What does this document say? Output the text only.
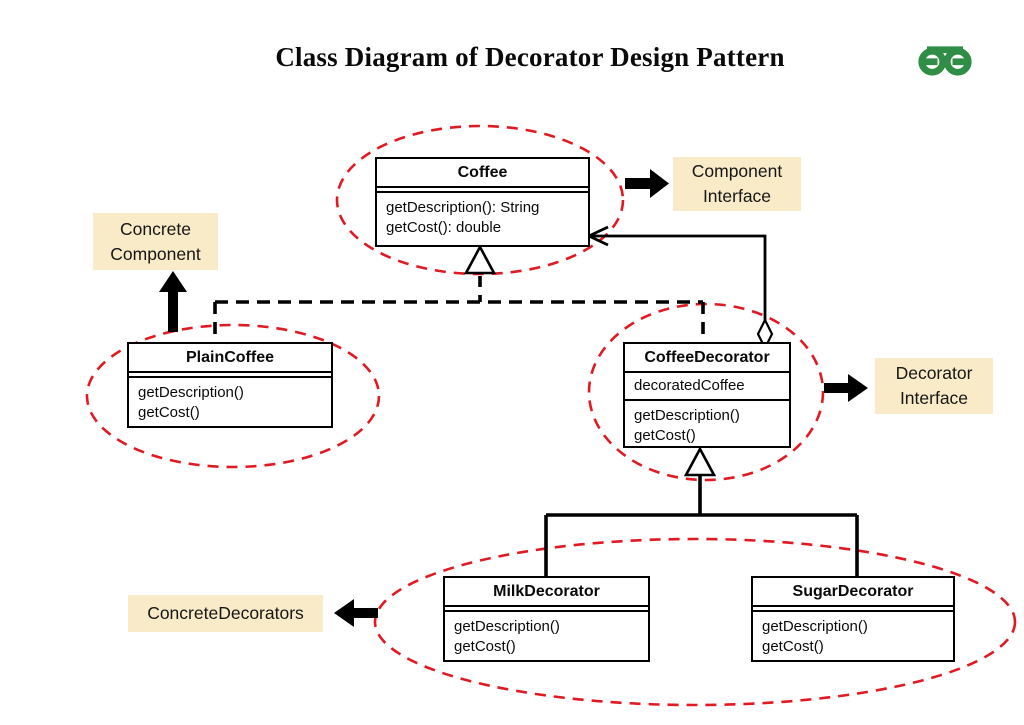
Class Diagram of Decorator Design Pattern
Coffee
getDescription(): String
getCost(): double
PlainCoffee
getDescription()
getCost()
CoffeeDecorator
decoratedCoffee
getDescription()
getCost()
MilkDecorator
getDescription()
getCost()
SugarDecorator
getDescription()
getCost()
Concrete
Component
Component
Interface
Decorator
Interface
ConcreteDecorators
